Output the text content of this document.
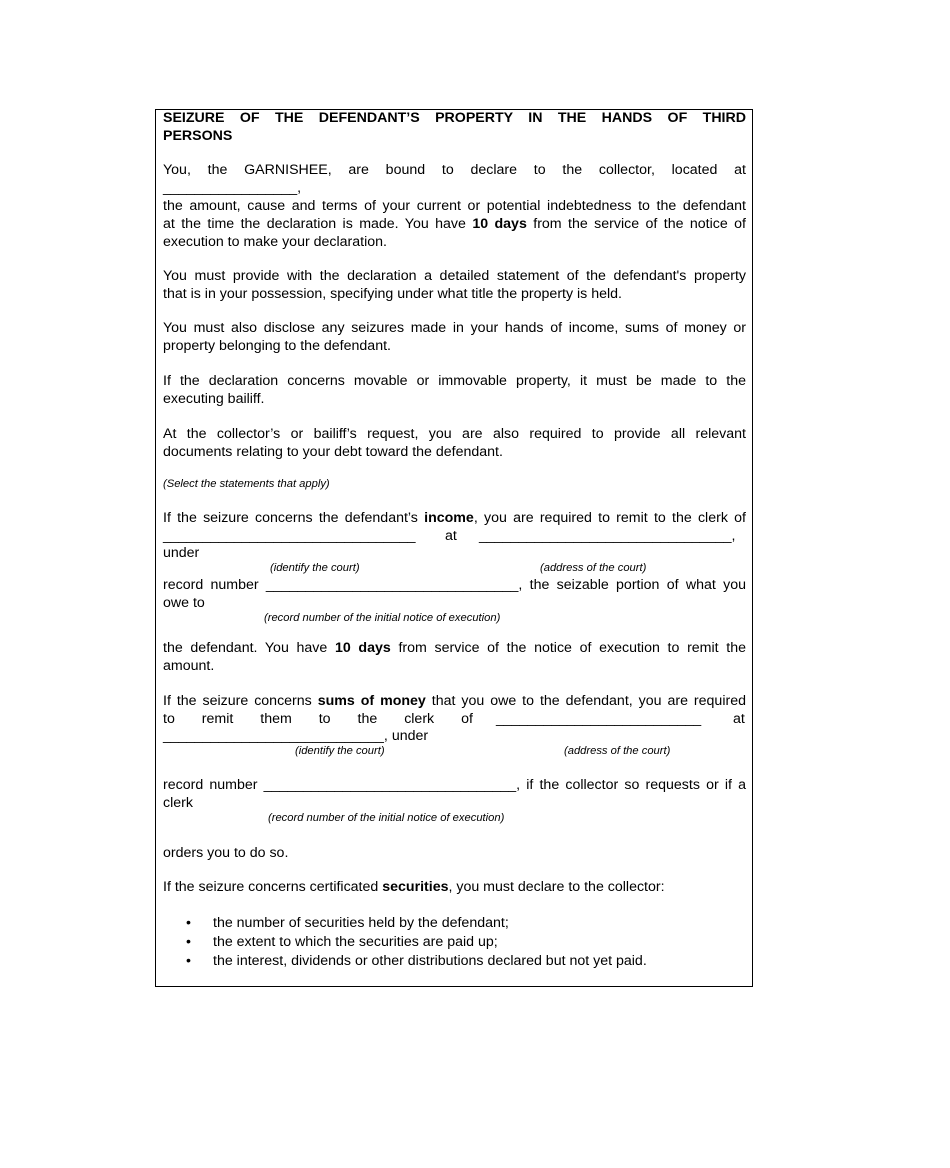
SEIZURE OF THE DEFENDANT’S PROPERTY IN THE HANDS OF THIRD
PERSONS
You, the GARNISHEE, are bound to declare to the collector, located at
_________________,
the amount, cause and terms of your current or potential indebtedness to the defendant
at the time the declaration is made. You have 10 days from the service of the notice of
execution to make your declaration.
You must provide with the declaration a detailed statement of the defendant's property
that is in your possession, specifying under what title the property is held.
You must also disclose any seizures made in your hands of income, sums of money or
property belonging to the defendant.
If the declaration concerns movable or immovable property, it must be made to the
executing bailiff.
At the collector’s or bailiff’s request, you are also required to provide all relevant
documents relating to your debt toward the defendant.
(Select the statements that apply)
If the seizure concerns the defendant’s income, you are required to remit to the clerk of
________________________________ at ________________________________,
under
(identify the court)	(address of the court)
record number ________________________________, the seizable portion of what you
owe to
(record number of the initial notice of execution)
the defendant. You have 10 days from service of the notice of execution to remit the
amount.
If the seizure concerns sums of money that you owe to the defendant, you are required
to remit them to the clerk of __________________________ at
____________________________, under
(identify the court)	(address of the court)
record number ________________________________, if the collector so requests or if a
clerk
(record number of the initial notice of execution)
orders you to do so.
If the seizure concerns certificated securities, you must declare to the collector:
• the number of securities held by the defendant;
• the extent to which the securities are paid up;
• the interest, dividends or other distributions declared but not yet paid.
